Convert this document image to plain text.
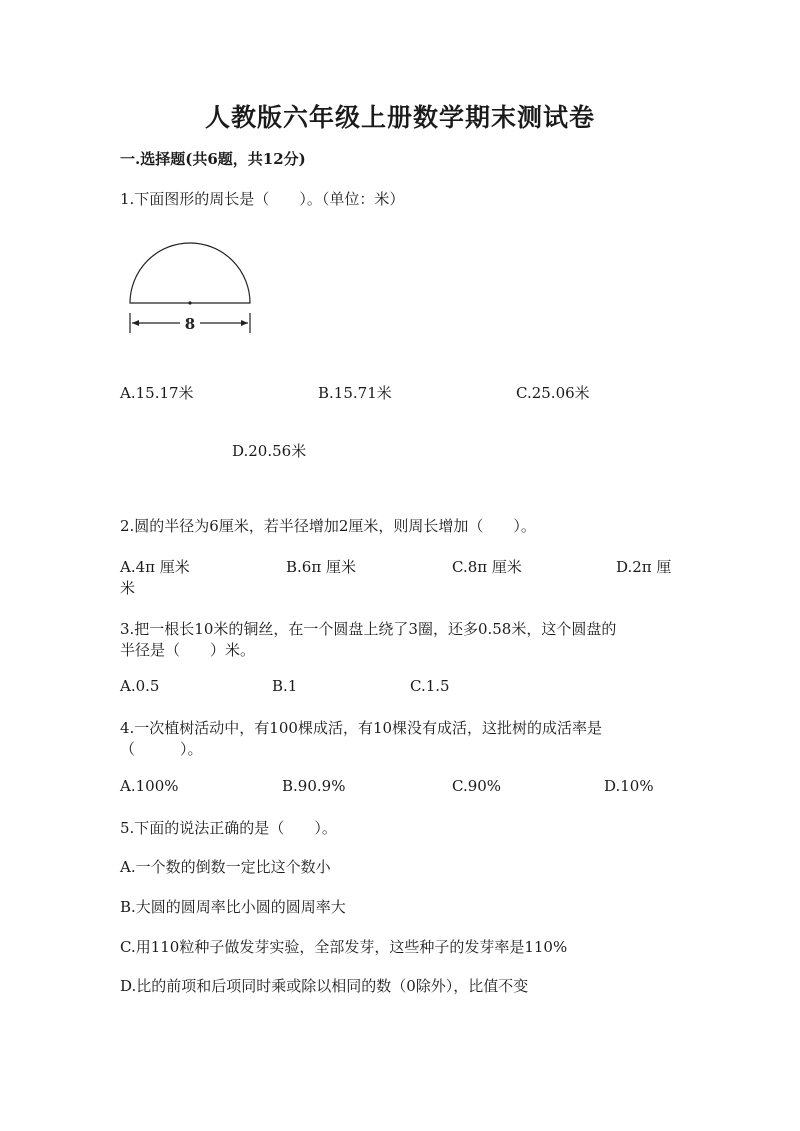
人教版六年级上册数学期末测试卷
一.选择题(共6题，共12分)
1.下面图形的周长是（　　）。（单位：米）
8
A.15.17米	B.15.71米	C.25.06米
D.20.56米
2.圆的半径为6厘米，若半径增加2厘米，则周长增加（　　）。
A.4π 厘米	B.6π 厘米	C.8π 厘米	D.2π 厘
米
3.把一根长10米的铜丝，在一个圆盘上绕了3圈，还多0.58米，这个圆盘的
半径是（　　）米。
A.0.5	B.1	C.1.5
4.一次植树活动中，有100棵成活，有10棵没有成活，这批树的成活率是
（　　　）。
A.100%	B.90.9%	C.90%	D.10%
5.下面的说法正确的是（　　）。
A.一个数的倒数一定比这个数小
B.大圆的圆周率比小圆的圆周率大
C.用110粒种子做发芽实验，全部发芽，这些种子的发芽率是110%
D.比的前项和后项同时乘或除以相同的数（0除外），比值不变
